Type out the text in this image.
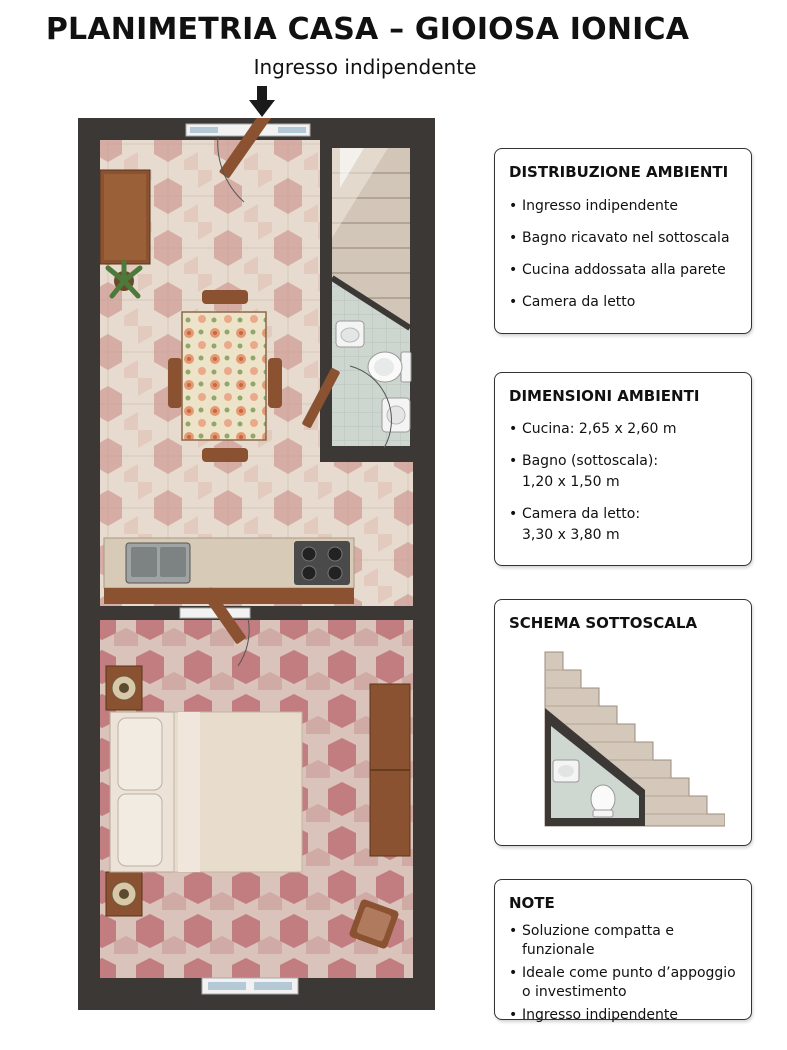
PLANIMETRIA CASA – GIOIOSA IONICA
Ingresso indipendente
DISTRIBUZIONE AMBIENTI
• Ingresso indipendente
• Bagno ricavato nel sottoscala
• Cucina addossata alla parete
• Camera da letto
DIMENSIONI AMBIENTI
• Cucina: 2,65 x 2,60 m
• Bagno (sottoscala):
1,20 x 1,50 m
• Camera da letto:
3,30 x 3,80 m
SCHEMA SOTTOSCALA
NOTE
• Soluzione compatta e funzionale
• Ideale come punto d’appoggio
o investimento
• Ingresso indipendente
